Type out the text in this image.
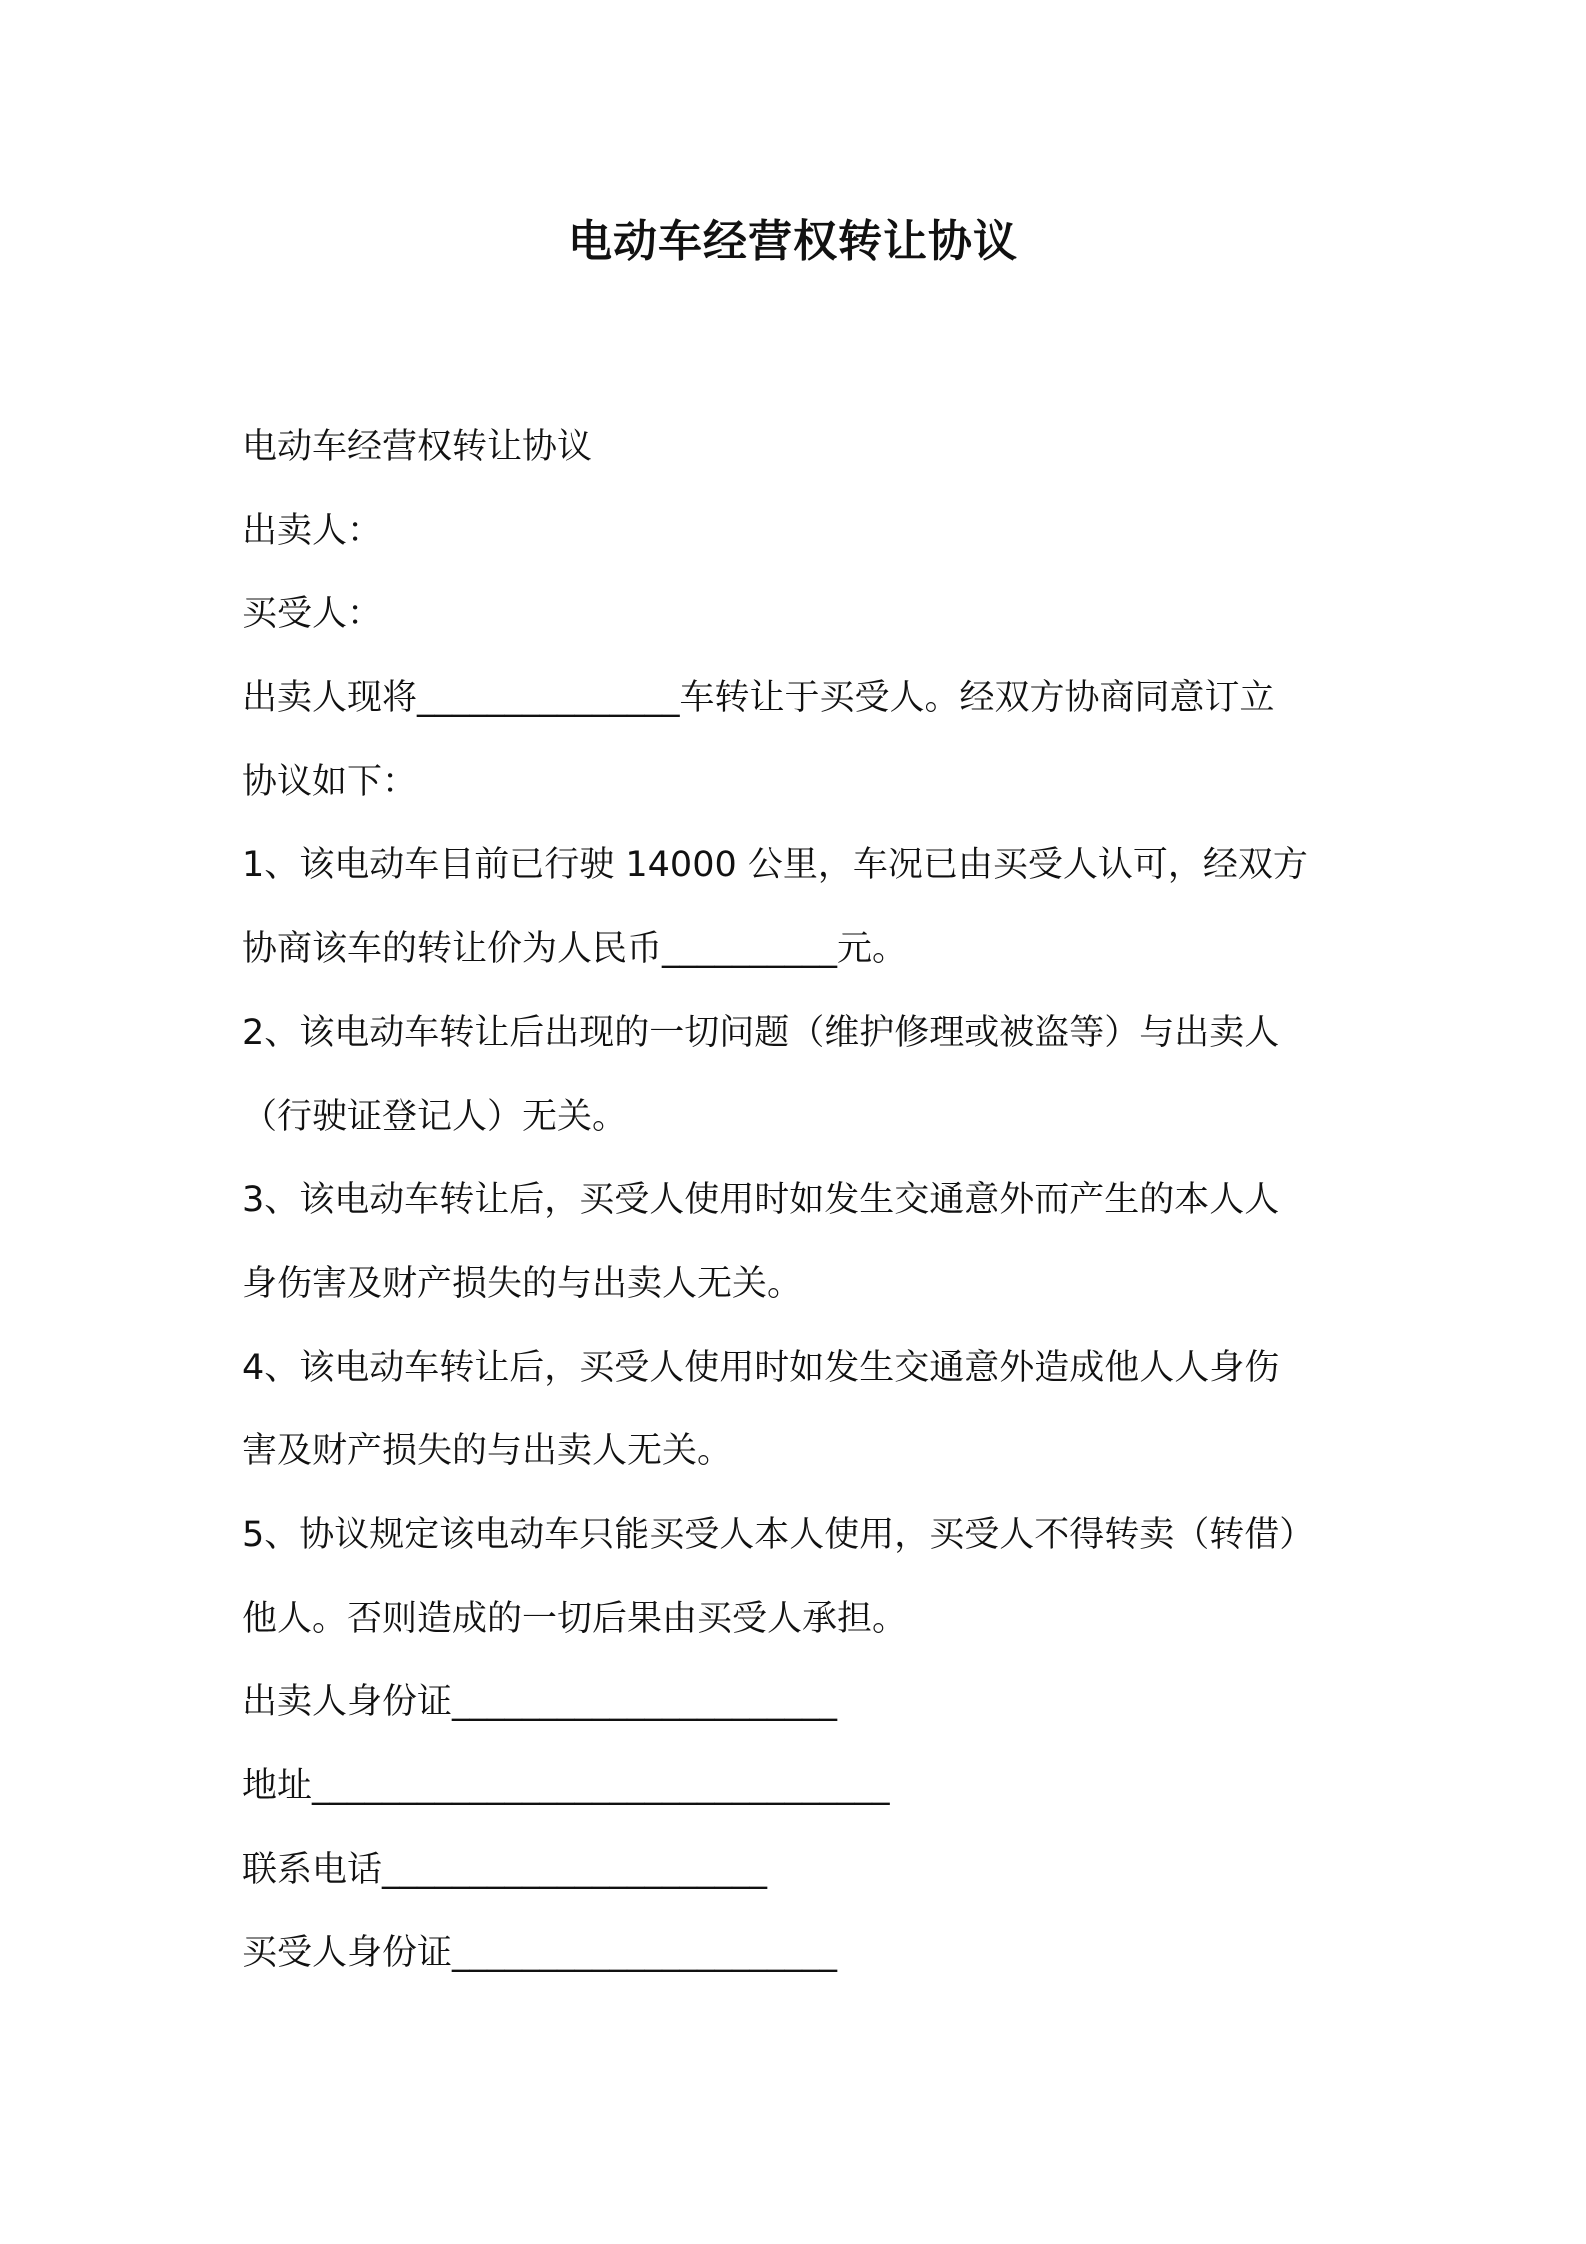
电动车经营权转让协议
电动车经营权转让协议
出卖人：
买受人：
出卖人现将_______________车转让于买受人。经双方协商同意订立
协议如下：
1、该电动车目前已行驶 14000 公里，车况已由买受人认可，经双方
协商该车的转让价为人民币__________元。
2、该电动车转让后出现的一切问题（维护修理或被盗等）与出卖人
（行驶证登记人）无关。
3、该电动车转让后，买受人使用时如发生交通意外而产生的本人人
身伤害及财产损失的与出卖人无关。
4、该电动车转让后，买受人使用时如发生交通意外造成他人人身伤
害及财产损失的与出卖人无关。
5、协议规定该电动车只能买受人本人使用，买受人不得转卖（转借）
他人。否则造成的一切后果由买受人承担。
出卖人身份证______________________
地址_________________________________
联系电话______________________
买受人身份证______________________
